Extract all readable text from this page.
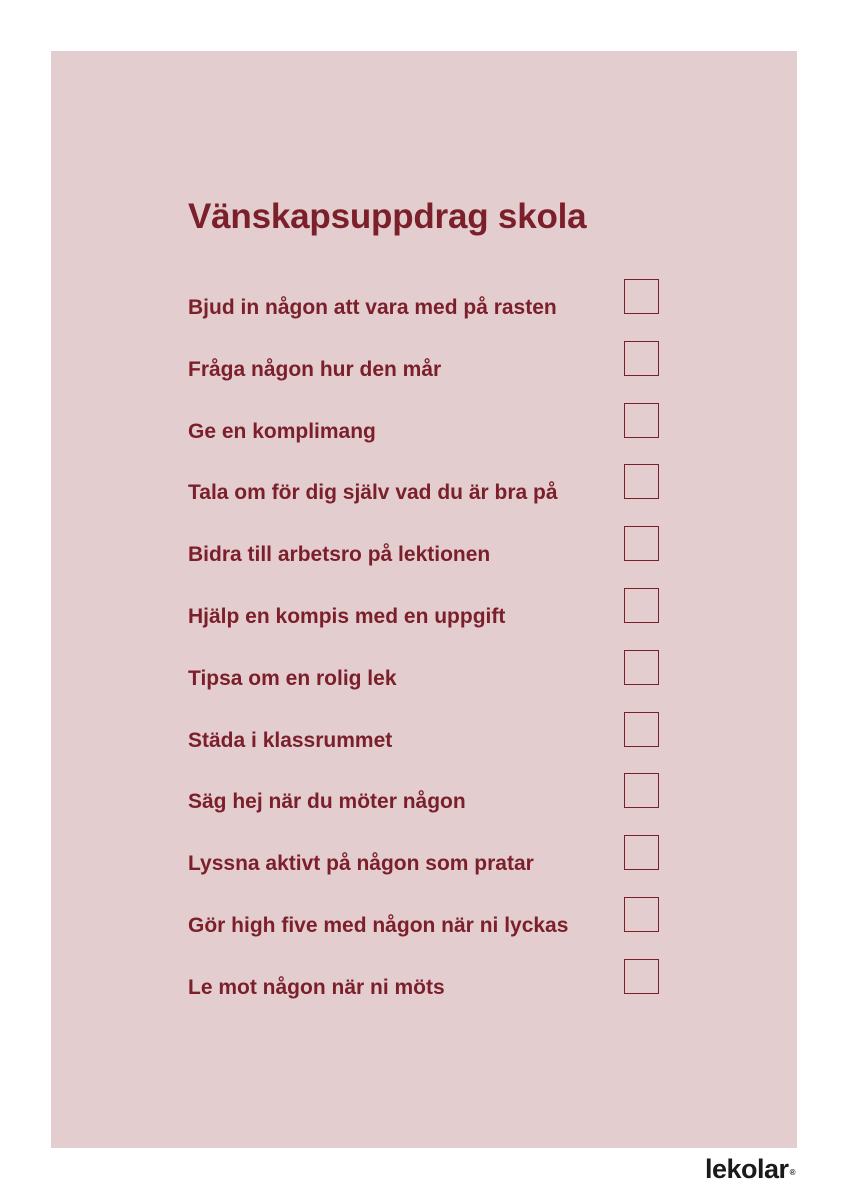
Vänskapsuppdrag skola
Bjud in någon att vara med på rasten
Fråga någon hur den mår
Ge en komplimang
Tala om för dig själv vad du är bra på
Bidra till arbetsro på lektionen
Hjälp en kompis med en uppgift
Tipsa om en rolig lek
Städa i klassrummet
Säg hej när du möter någon
Lyssna aktivt på någon som pratar
Gör high five med någon när ni lyckas
Le mot någon när ni möts
lekolar®
